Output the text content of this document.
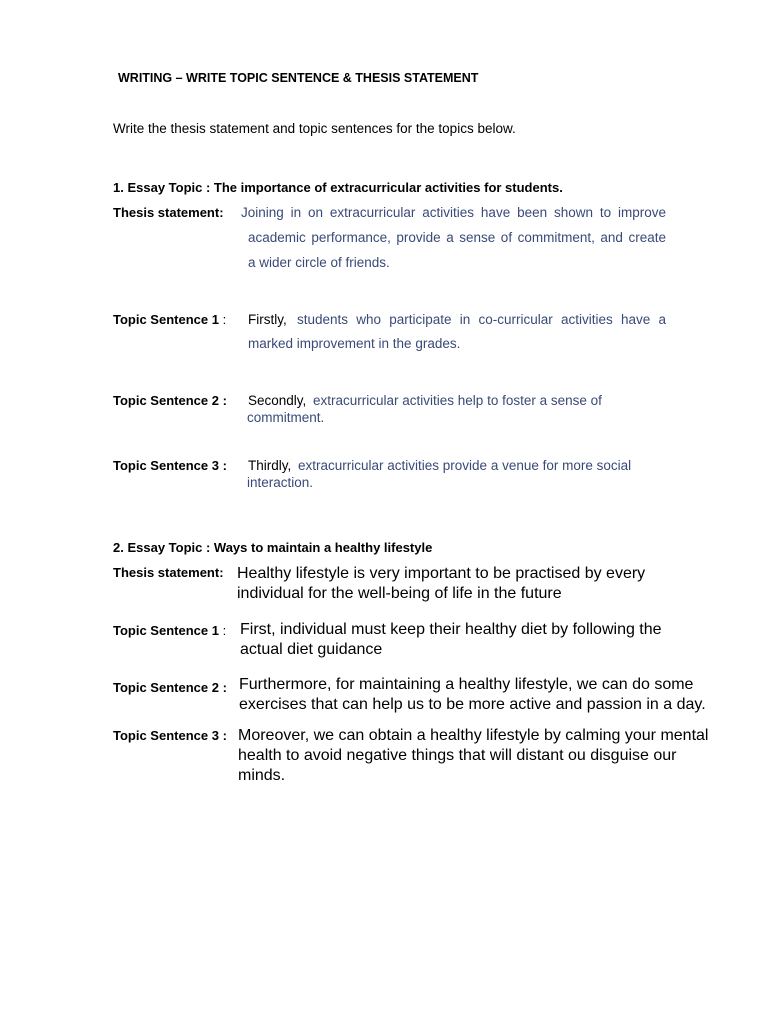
WRITING – WRITE TOPIC SENTENCE & THESIS STATEMENT
Write the thesis statement and topic sentences for the topics below.
1. Essay Topic : The importance of extracurricular activities for students.
Thesis statement: Joining in on extracurricular activities have been shown to improve
academic performance, provide a sense of commitment, and create
a wider circle of friends.
Topic Sentence 1 : Firstly, students who participate in co-curricular activities have a
marked improvement in the grades.
Topic Sentence 2 : Secondly, extracurricular activities help to foster a sense of
commitment.
Topic Sentence 3 : Thirdly, extracurricular activities provide a venue for more social
interaction.
2. Essay Topic : Ways to maintain a healthy lifestyle
Thesis statement: Healthy lifestyle is very important to be practised by every
individual for the well-being of life in the future
Topic Sentence 1 : First, individual must keep their healthy diet by following the
actual diet guidance
Topic Sentence 2 : Furthermore, for maintaining a healthy lifestyle, we can do some
exercises that can help us to be more active and passion in a day.
Topic Sentence 3 : Moreover, we can obtain a healthy lifestyle by calming your mental
health to avoid negative things that will distant ou disguise our
minds.
